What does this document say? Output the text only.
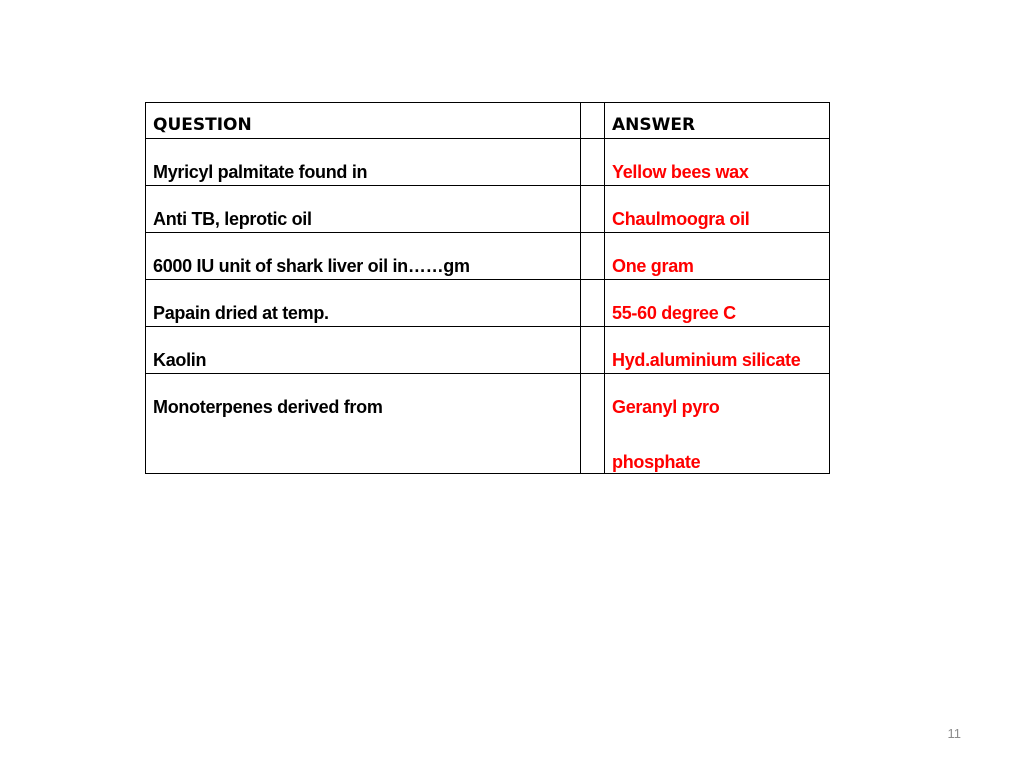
QUESTION		ANSWER

Myricyl palmitate found in		Yellow bees wax

Anti TB, leprotic oil		Chaulmoogra oil

6000 IU unit of shark liver oil in……gm		One gram

Papain dried at temp.		55-60 degree C

Kaolin		Hyd.aluminium silicate

Monoterpenes derived from		Geranyl pyro
phosphate
11
